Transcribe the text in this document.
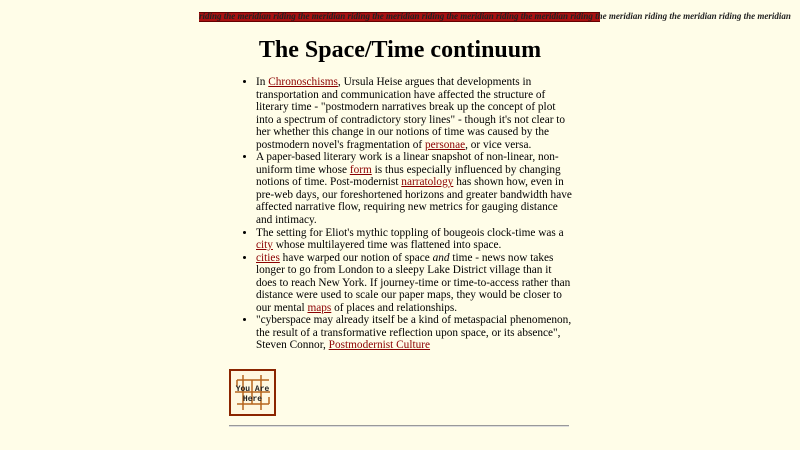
riding the meridian riding the meridian riding the meridian riding the meridian riding the meridian riding the meridian riding the meridian riding the meridian
The Space/Time continuum
• In Chronoschisms, Ursula Heise argues that developments in transportation and communication have affected the structure of literary time - "postmodern narratives break up the concept of plot into a spectrum of contradictory story lines" - though it's not clear to her whether this change in our notions of time was caused by the postmodern novel's fragmentation of personae, or vice versa.
• A paper-based literary work is a linear snapshot of non-linear, non-uniform time whose form is thus especially influenced by changing notions of time. Post-modernist narratology has shown how, even in pre-web days, our foreshortened horizons and greater bandwidth have affected narrative flow, requiring new metrics for gauging distance and intimacy.
• The setting for Eliot's mythic toppling of bougeois clock-time was a city whose multilayered time was flattened into space.
• cities have warped our notion of space and time - news now takes longer to go from London to a sleepy Lake District village than it does to reach New York. If journey-time or time-to-access rather than distance were used to scale our paper maps, they would be closer to our mental maps of places and relationships.
• "cyberspace may already itself be a kind of metaspacial phenomenon, the result of a transformative reflection upon space, or its absence", Steven Connor, Postmodernist Culture
You Are
Here
